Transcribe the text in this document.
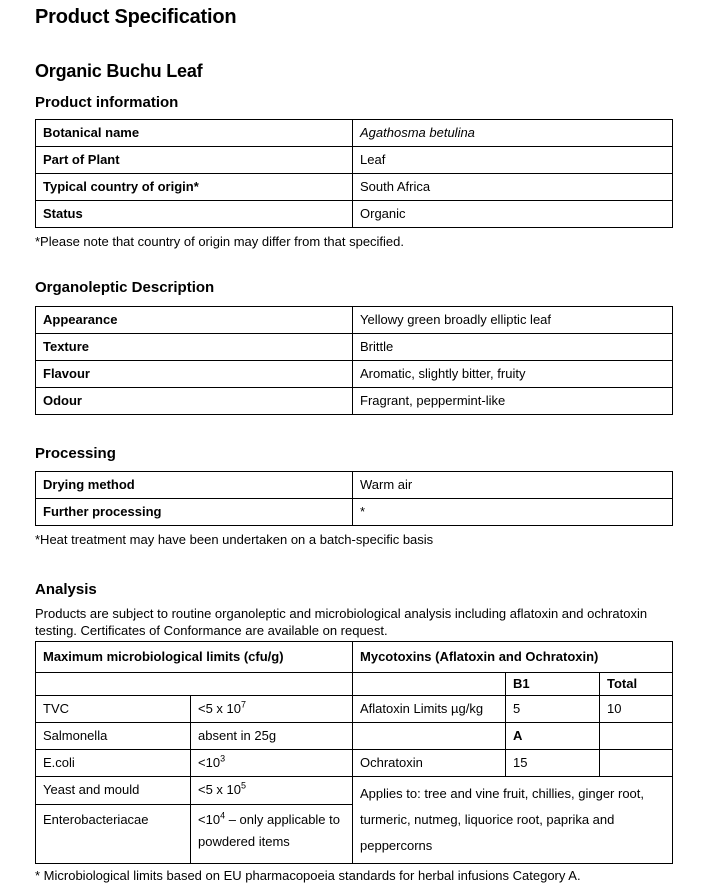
Product Specification
Organic Buchu Leaf
Product information
Botanical name	Agathosma betulina
Part of Plant	Leaf
Typical country of origin*	South Africa
Status	Organic
*Please note that country of origin may differ from that specified.
Organoleptic Description
Appearance	Yellowy green broadly elliptic leaf
Texture	Brittle
Flavour	Aromatic, slightly bitter, fruity
Odour	Fragrant, peppermint-like
Processing
Drying method	Warm air
Further processing	*
*Heat treatment may have been undertaken on a batch-specific basis
Analysis
Products are subject to routine organoleptic and microbiological analysis including aflatoxin and ochratoxin testing. Certificates of Conformance are available on request.
Maximum microbiological limits (cfu/g)		Mycotoxins (Aflatoxin and Ochratoxin)		
			B1	Total
TVC	<5 x $10^7$	Aflatoxin Limits µg/kg	5	10
Salmonella	absent in 25g		A	
E.coli	$<10^3$	Ochratoxin	15	
Yeast and mould	<5 x $10^5$	Applies to: tree and vine fruit, chillies, ginger root, turmeric, nutmeg, liquorice root, paprika and peppercorns		
Enterobacteriacae	$<10^4$ – only applicable to powdered items			
* Microbiological limits based on EU pharmacopoeia standards for herbal infusions Category A.
